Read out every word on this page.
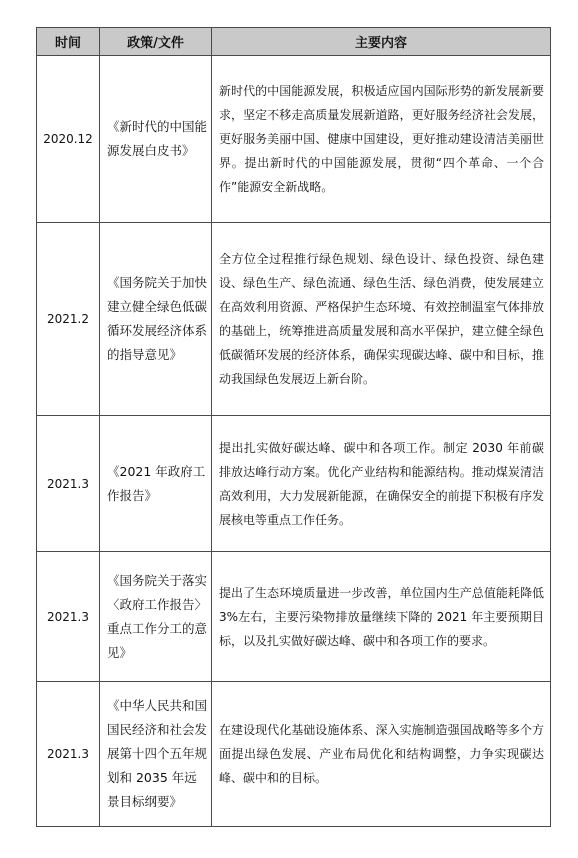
时间	政策/文件	主要内容
2020.12	《新时代的中国能源发展白皮书》	新时代的中国能源发展，积极适应国内国际形势的新发展新要求，坚定不移走高质量发展新道路，更好服务经济社会发展，更好服务美丽中国、健康中国建设，更好推动建设清洁美丽世界。提出新时代的中国能源发展，贯彻“四个革命、一个合作”能源安全新战略。
2021.2	《国务院关于加快建立健全绿色低碳循环发展经济体系的指导意见》	全方位全过程推行绿色规划、绿色设计、绿色投资、绿色建设、绿色生产、绿色流通、绿色生活、绿色消费，使发展建立在高效利用资源、严格保护生态环境、有效控制温室气体排放的基础上，统筹推进高质量发展和高水平保护，建立健全绿色低碳循环发展的经济体系，确保实现碳达峰、碳中和目标，推动我国绿色发展迈上新台阶。
2021.3	《2021 年政府工作报告》	提出扎实做好碳达峰、碳中和各项工作。制定 2030 年前碳排放达峰行动方案。优化产业结构和能源结构。推动煤炭清洁高效利用，大力发展新能源，在确保安全的前提下积极有序发展核电等重点工作任务。
2021.3	《国务院关于落实〈政府工作报告〉重点工作分工的意见》	提出了生态环境质量进一步改善，单位国内生产总值能耗降低 3%左右，主要污染物排放量继续下降的 2021 年主要预期目标，以及扎实做好碳达峰、碳中和各项工作的要求。
2021.3	《中华人民共和国国民经济和社会发展第十四个五年规划和 2035 年远景目标纲要》	在建设现代化基础设施体系、深入实施制造强国战略等多个方面提出绿色发展、产业布局优化和结构调整，力争实现碳达峰、碳中和的目标。
